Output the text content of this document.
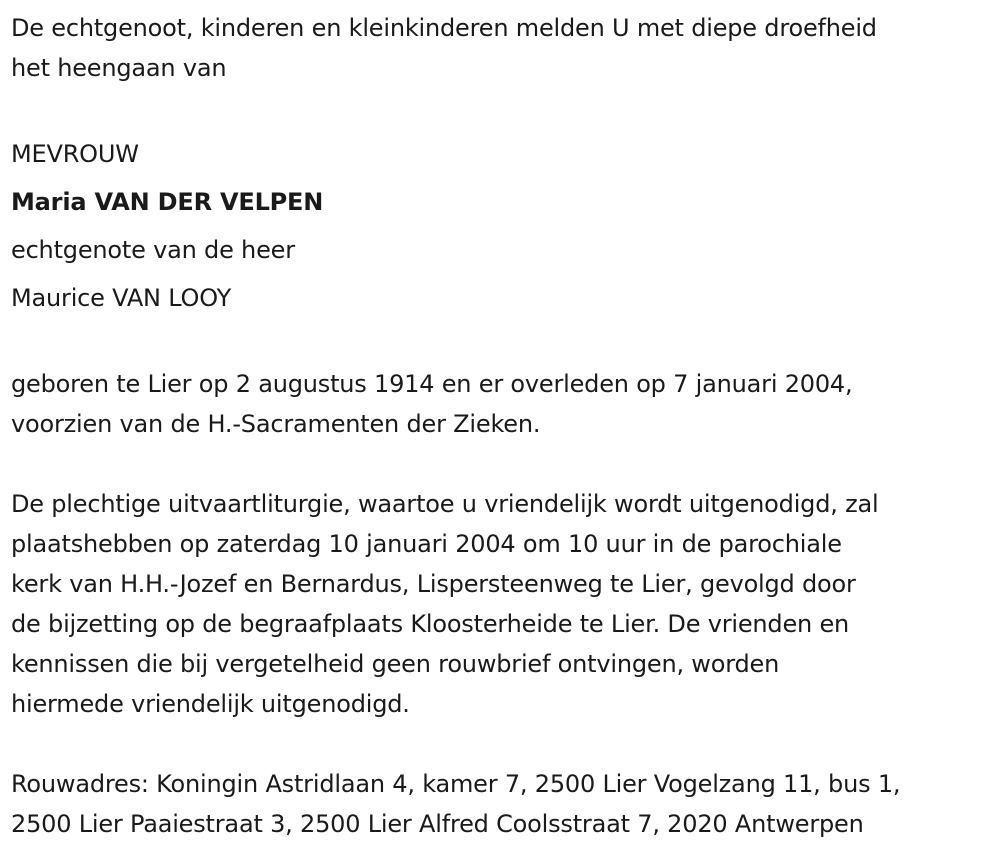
De echtgenoot, kinderen en kleinkinderen melden U met diepe droefheid
het heengaan van
MEVROUW
Maria VAN DER VELPEN
echtgenote van de heer
Maurice VAN LOOY
geboren te Lier op 2 augustus 1914 en er overleden op 7 januari 2004,
voorzien van de H.-Sacramenten der Zieken.
De plechtige uitvaartliturgie, waartoe u vriendelijk wordt uitgenodigd, zal
plaatshebben op zaterdag 10 januari 2004 om 10 uur in de parochiale
kerk van H.H.-Jozef en Bernardus, Lispersteenweg te Lier, gevolgd door
de bijzetting op de begraafplaats Kloosterheide te Lier. De vrienden en
kennissen die bij vergetelheid geen rouwbrief ontvingen, worden
hiermede vriendelijk uitgenodigd.
Rouwadres: Koningin Astridlaan 4, kamer 7, 2500 Lier Vogelzang 11, bus 1,
2500 Lier Paaiestraat 3, 2500 Lier Alfred Coolsstraat 7, 2020 Antwerpen
